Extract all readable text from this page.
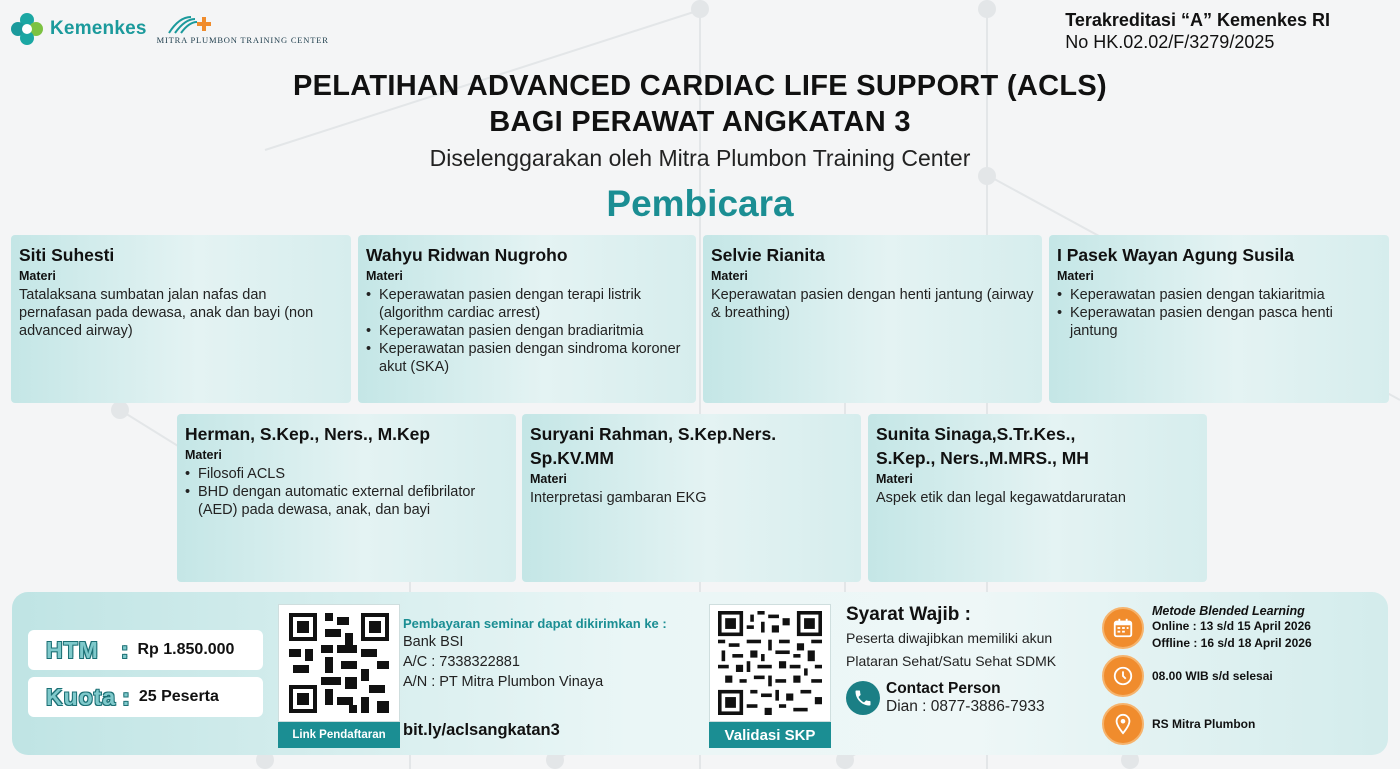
Kemenkes
MITRA PLUMBON TRAINING CENTER
Terakreditasi “A” Kemenkes RI
No HK.02.02/F/3279/2025
PELATIHAN ADVANCED CARDIAC LIFE SUPPORT (ACLS)
BAGI PERAWAT ANGKATAN 3
Diselenggarakan oleh Mitra Plumbon Training Center
Pembicara
Siti Suhesti
Materi
Tatalaksana sumbatan jalan nafas dan pernafasan pada dewasa, anak dan bayi (non advanced airway)
Wahyu Ridwan Nugroho
Materi
• Keperawatan pasien dengan terapi listrik (algorithm cardiac arrest)
• Keperawatan pasien dengan bradiaritmia
• Keperawatan pasien dengan sindroma koroner akut (SKA)
Selvie Rianita
Materi
Keperawatan pasien dengan henti jantung (airway & breathing)
I Pasek Wayan Agung Susila
Materi
• Keperawatan pasien dengan takiaritmia
• Keperawatan pasien dengan pasca henti jantung
Herman, S.Kep., Ners., M.Kep
Materi
• Filosofi ACLS
• BHD dengan automatic external defibrilator (AED) pada dewasa, anak, dan bayi
Suryani Rahman, S.Kep.Ners. Sp.KV.MM
Materi
Interpretasi gambaran EKG
Sunita Sinaga,S.Tr.Kes., S.Kep., Ners.,M.MRS., MH
Materi
Aspek etik dan legal kegawatdaruratan
HTM : Rp 1.850.000
Kuota : 25 Peserta
Link Pendaftaran
Pembayaran seminar dapat dikirimkan ke :
Bank BSI
A/C : 7338322881
A/N : PT Mitra Plumbon Vinaya
bit.ly/aclsangkatan3	Validasi SKP
Syarat Wajib :
Peserta diwajibkan memiliki akun
Plataran Sehat/Satu Sehat SDMK
Contact Person
Dian : 0877-3886-7933
Metode Blended Learning
Online : 13 s/d 15 April 2026
Offline : 16 s/d 18 April 2026
08.00 WIB s/d selesai
RS Mitra Plumbon
